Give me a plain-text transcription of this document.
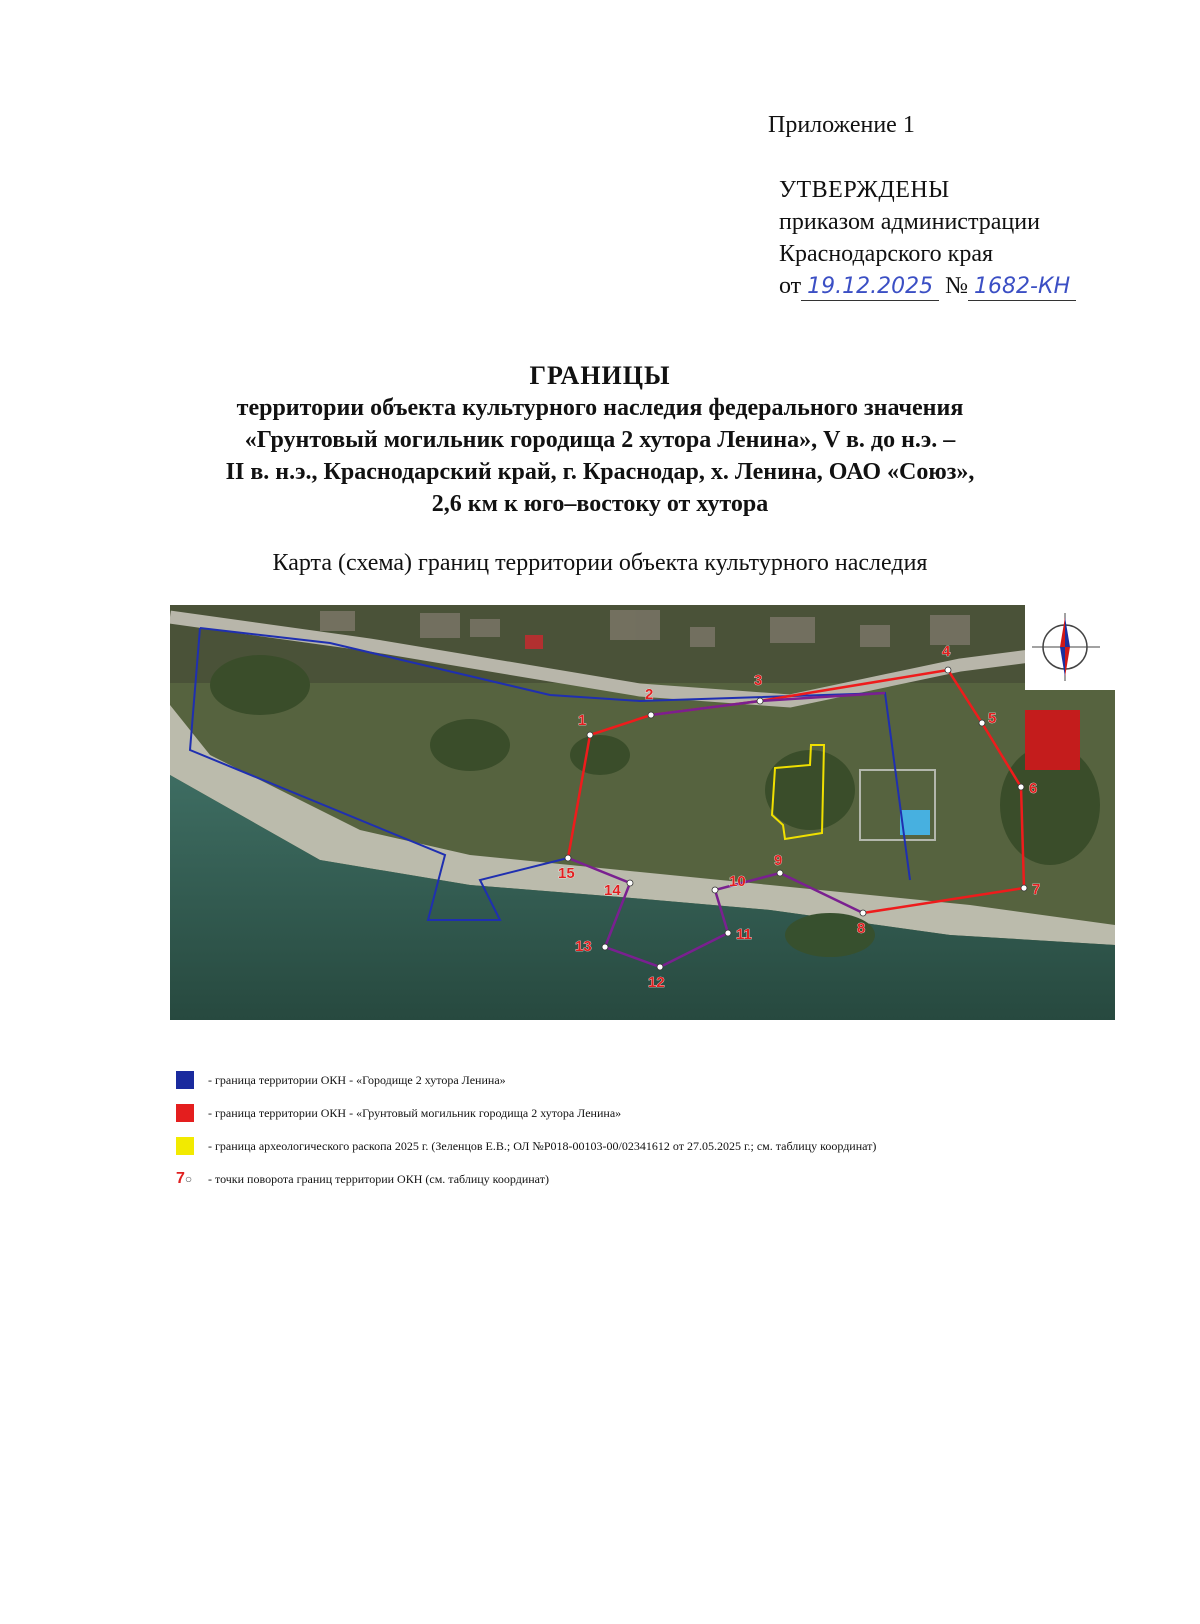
Приложение 1
УТВЕРЖДЕНЫ
приказом администрации
Краснодарского края
от 19.12.2025 № 1682-КН
ГРАНИЦЫ
территории объекта культурного наследия федерального значения
«Грунтовый могильник городища 2 хутора Ленина», V в. до н.э. –
II в. н.э., Краснодарский край, г. Краснодар, х. Ленина, ОАО «Союз»,
2,6 км к юго–востоку от хутора
Карта (схема) границ территории объекта культурного наследия
1
2
3
4
5
6
7
8
9
10
11
12
13
14
15
- граница территории ОКН - «Городище 2 хутора Ленина»
- граница территории ОКН - «Грунтовый могильник городища 2 хутора Ленина»
- граница археологического раскопа 2025 г. (Зеленцов Е.В.; ОЛ №Р018-00103-00/02341612 от 27.05.2025 г.; см. таблицу координат)
7○	- точки поворота границ территории ОКН (см. таблицу координат)
